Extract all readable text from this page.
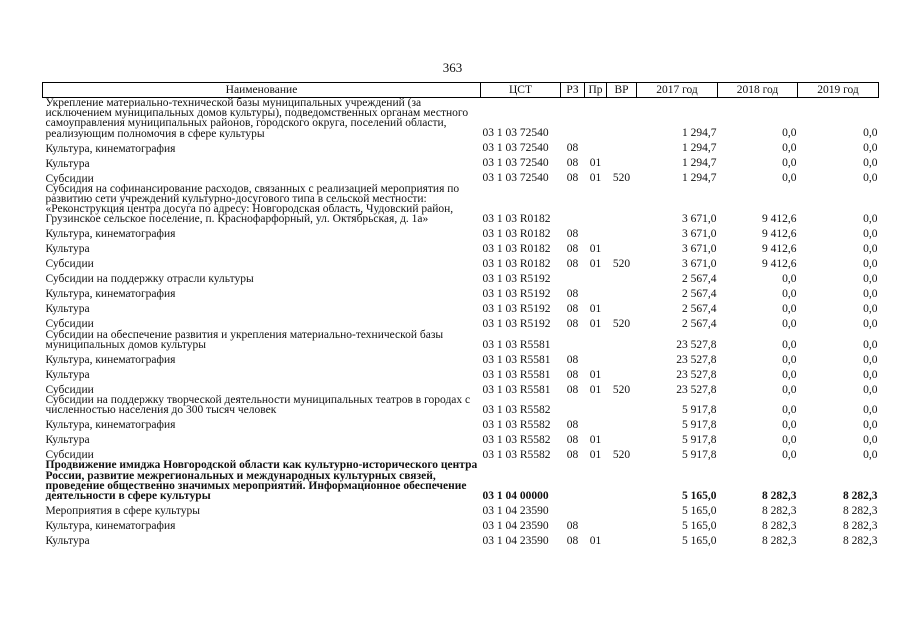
363
Наименование	ЦСТ	РЗ	Пр	ВР	2017 год	2018 год	2019 год
Укрепление материально-технической базы муниципальных учреждений (за исключением муниципальных домов культуры), подведомственных органам местного самоуправления муниципальных районов, городского округа, поселений области, реализующим полномочия в сфере культуры	03 1 03 72540				1 294,7	0,0	0,0
Культура, кинематография	03 1 03 72540	08			1 294,7	0,0	0,0
Культура	03 1 03 72540	08	01		1 294,7	0,0	0,0
Субсидии	03 1 03 72540	08	01	520	1 294,7	0,0	0,0
Субсидия на софинансирование расходов, связанных с реализацией мероприятия по развитию сети учреждений культурно-досугового типа в сельской местности: «Реконструкция центра досуга по адресу: Новгородская область, Чудовский район, Грузинское сельское поселение, п. Краснофарфорный, ул. Октябрьская, д. 1а»	03 1 03 R0182				3 671,0	9 412,6	0,0
Культура, кинематография	03 1 03 R0182	08			3 671,0	9 412,6	0,0
Культура	03 1 03 R0182	08	01		3 671,0	9 412,6	0,0
Субсидии	03 1 03 R0182	08	01	520	3 671,0	9 412,6	0,0
Субсидии на поддержку отрасли культуры	03 1 03 R5192				2 567,4	0,0	0,0
Культура, кинематография	03 1 03 R5192	08			2 567,4	0,0	0,0
Культура	03 1 03 R5192	08	01		2 567,4	0,0	0,0
Субсидии	03 1 03 R5192	08	01	520	2 567,4	0,0	0,0
Субсидии на обеспечение развития и укрепления материально-технической базы муниципальных домов культуры	03 1 03 R5581				23 527,8	0,0	0,0
Культура, кинематография	03 1 03 R5581	08			23 527,8	0,0	0,0
Культура	03 1 03 R5581	08	01		23 527,8	0,0	0,0
Субсидии	03 1 03 R5581	08	01	520	23 527,8	0,0	0,0
Субсидии на поддержку творческой деятельности муниципальных театров в городах с численностью населения до 300 тысяч человек	03 1 03 R5582				5 917,8	0,0	0,0
Культура, кинематография	03 1 03 R5582	08			5 917,8	0,0	0,0
Культура	03 1 03 R5582	08	01		5 917,8	0,0	0,0
Субсидии	03 1 03 R5582	08	01	520	5 917,8	0,0	0,0
Продвижение имиджа Новгородской области как культурно-исторического центра России, развитие межрегиональных и международных культурных связей, проведение общественно значимых мероприятий. Информационное обеспечение деятельности в сфере культуры	03 1 04 00000				5 165,0	8 282,3	8 282,3
Мероприятия в сфере культуры	03 1 04 23590				5 165,0	8 282,3	8 282,3
Культура, кинематография	03 1 04 23590	08			5 165,0	8 282,3	8 282,3
Культура	03 1 04 23590	08	01		5 165,0	8 282,3	8 282,3
